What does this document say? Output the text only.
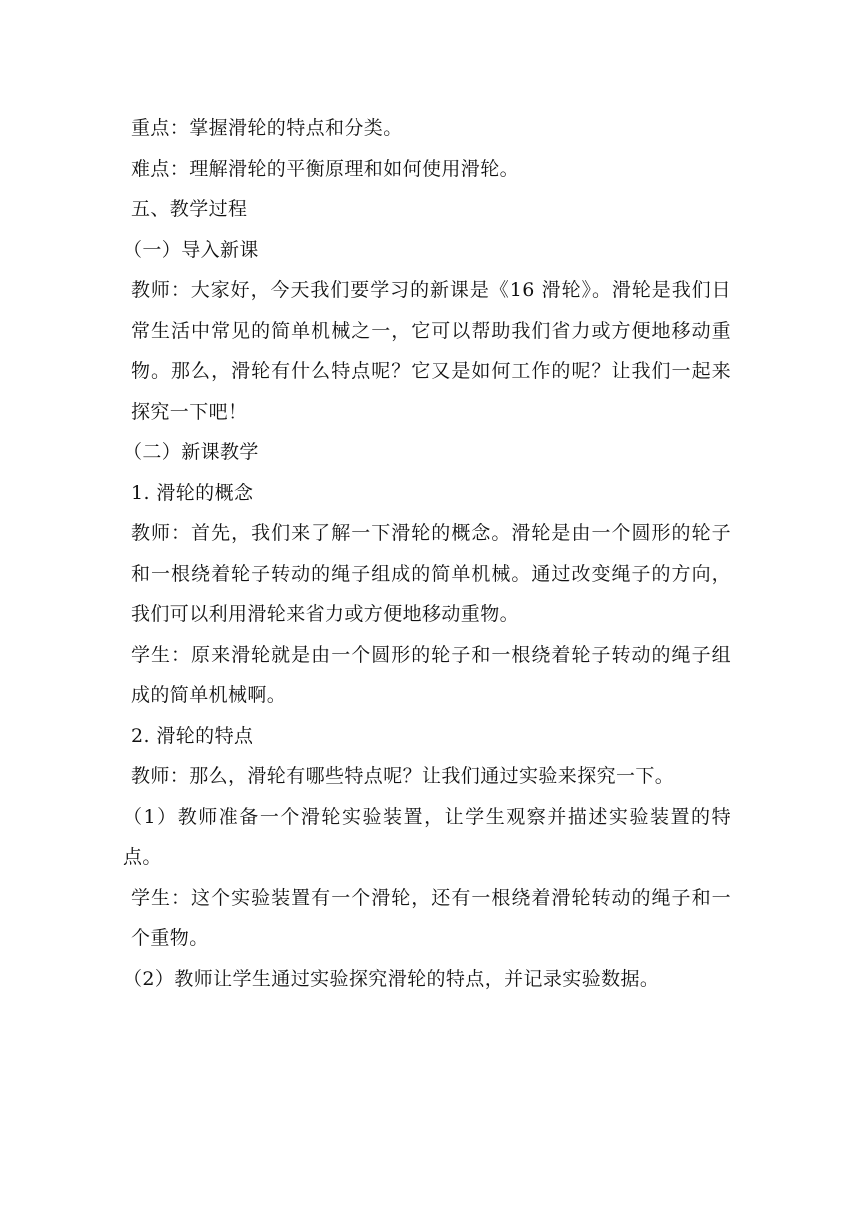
重点：掌握滑轮的特点和分类。

难点：理解滑轮的平衡原理和如何使用滑轮。

五、教学过程

（一）导入新课

教师：大家好，今天我们要学习的新课是《16 滑轮》。滑轮是我们日常生活中常见的简单机械之一，它可以帮助我们省力或方便地移动重物。那么，滑轮有什么特点呢？它又是如何工作的呢？让我们一起来探究一下吧！

（二）新课教学

1. 滑轮的概念

教师：首先，我们来了解一下滑轮的概念。滑轮是由一个圆形的轮子和一根绕着轮子转动的绳子组成的简单机械。通过改变绳子的方向，我们可以利用滑轮来省力或方便地移动重物。

学生：原来滑轮就是由一个圆形的轮子和一根绕着轮子转动的绳子组成的简单机械啊。

2. 滑轮的特点

教师：那么，滑轮有哪些特点呢？让我们通过实验来探究一下。

（1）教师准备一个滑轮实验装置，让学生观察并描述实验装置的特点。

学生：这个实验装置有一个滑轮，还有一根绕着滑轮转动的绳子和一个重物。

（2）教师让学生通过实验探究滑轮的特点，并记录实验数据。
